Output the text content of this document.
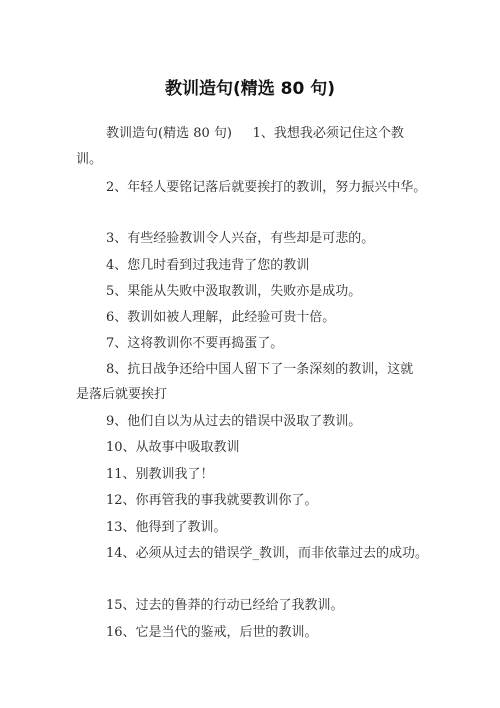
教训造句(精选 80 句)
教训造句(精选 80 句)     1、我想我必须记住这个教
训。
2、年轻人要铭记落后就要挨打的教训，努力振兴中华。
3、有些经验教训令人兴奋，有些却是可悲的。
4、您几时看到过我违背了您的教训
5、果能从失败中汲取教训，失败亦是成功。
6、教训如被人理解，此经验可贵十倍。
7、这将教训你不要再捣蛋了。
8、抗日战争还给中国人留下了一条深刻的教训，这就
是落后就要挨打
9、他们自以为从过去的错误中汲取了教训。
10、从故事中吸取教训
11、别教训我了！
12、你再管我的事我就要教训你了。
13、他得到了教训。
14、必须从过去的错误学_教训，而非依靠过去的成功。
15、过去的鲁莽的行动已经给了我教训。
16、它是当代的鉴戒，后世的教训。
